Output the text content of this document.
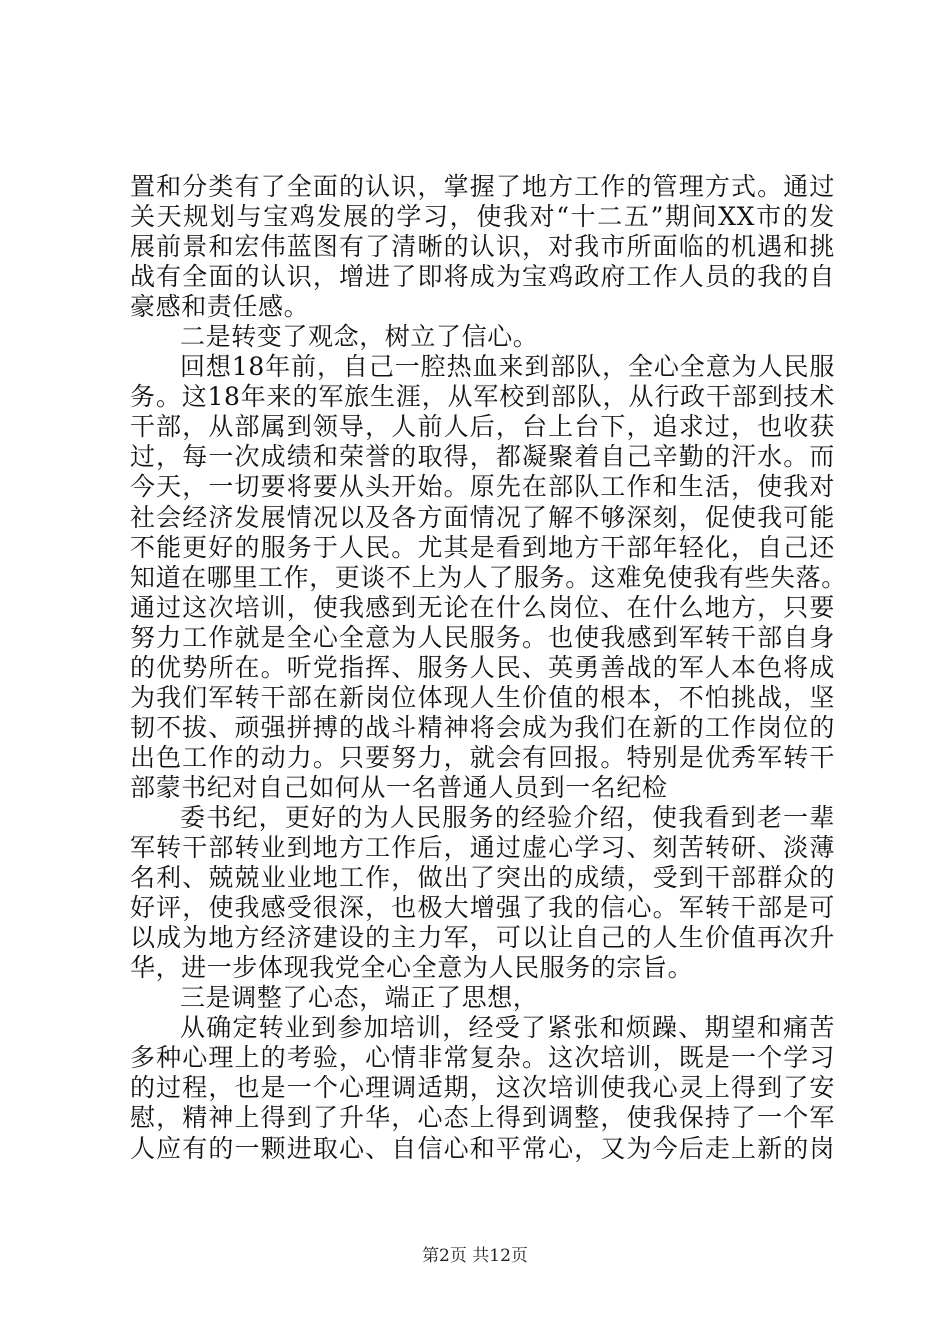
置和分类有了全面的认识，掌握了地方工作的管理方式。通过
关天规划与宝鸡发展的学习，使我对“十二五”期间XX市的发
展前景和宏伟蓝图有了清晰的认识，对我市所面临的机遇和挑
战有全面的认识，增进了即将成为宝鸡政府工作人员的我的自
豪感和责任感。
二是转变了观念，树立了信心。
回想18年前，自己一腔热血来到部队，全心全意为人民服
务。这18年来的军旅生涯，从军校到部队，从行政干部到技术
干部，从部属到领导，人前人后，台上台下，追求过，也收获
过，每一次成绩和荣誉的取得，都凝聚着自己辛勤的汗水。而
今天，一切要将要从头开始。原先在部队工作和生活，使我对
社会经济发展情况以及各方面情况了解不够深刻，促使我可能
不能更好的服务于人民。尤其是看到地方干部年轻化，自己还
知道在哪里工作，更谈不上为人了服务。这难免使我有些失落。
通过这次培训，使我感到无论在什么岗位、在什么地方，只要
努力工作就是全心全意为人民服务。也使我感到军转干部自身
的优势所在。听党指挥、服务人民、英勇善战的军人本色将成
为我们军转干部在新岗位体现人生价值的根本，不怕挑战，坚
韧不拔、顽强拼搏的战斗精神将会成为我们在新的工作岗位的
出色工作的动力。只要努力，就会有回报。特别是优秀军转干
部蒙书纪对自己如何从一名普通人员到一名纪检
委书纪，更好的为人民服务的经验介绍，使我看到老一辈
军转干部转业到地方工作后，通过虚心学习、刻苦转研、淡薄
名利、兢兢业业地工作，做出了突出的成绩，受到干部群众的
好评，使我感受很深，也极大增强了我的信心。军转干部是可
以成为地方经济建设的主力军，可以让自己的人生价值再次升
华，进一步体现我党全心全意为人民服务的宗旨。
三是调整了心态，端正了思想，
从确定转业到参加培训，经受了紧张和烦躁、期望和痛苦
多种心理上的考验，心情非常复杂。这次培训，既是一个学习
的过程，也是一个心理调适期，这次培训使我心灵上得到了安
慰，精神上得到了升华，心态上得到调整，使我保持了一个军
人应有的一颗进取心、自信心和平常心，又为今后走上新的岗
第2页 共12页
